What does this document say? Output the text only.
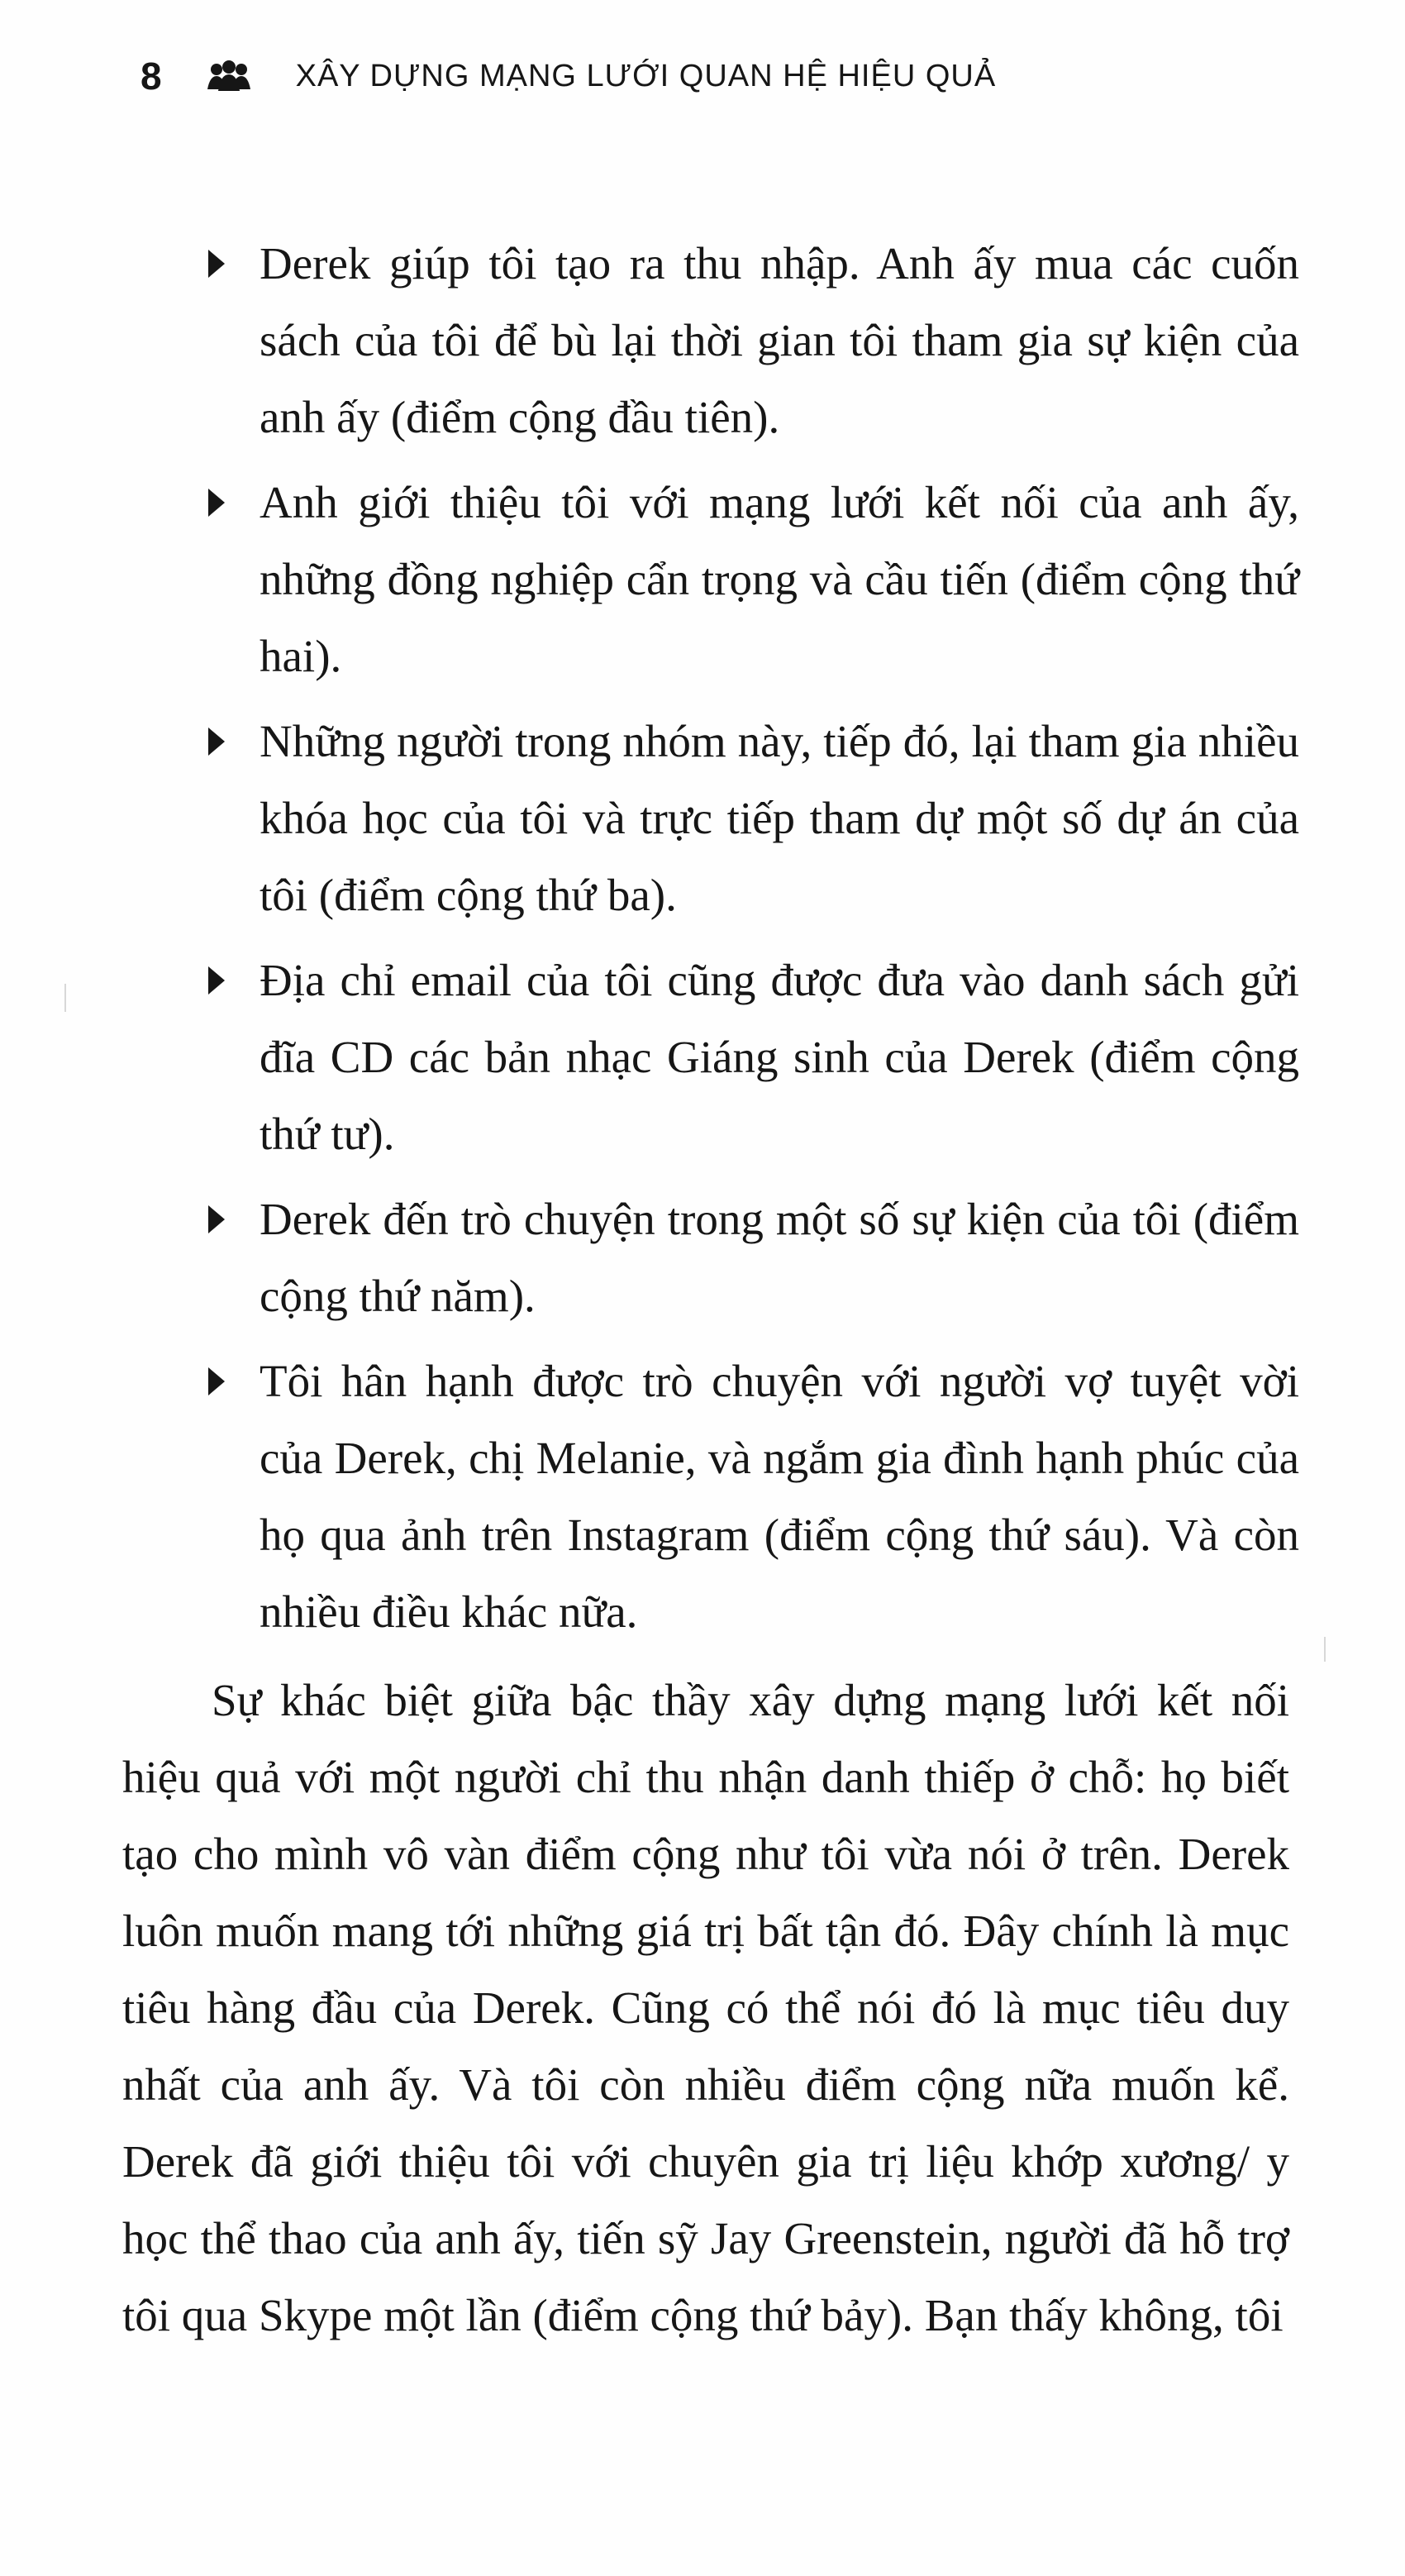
8	XÂY DỰNG MẠNG LƯỚI QUAN HỆ HIỆU QUẢ
Derek giúp tôi tạo ra thu nhập. Anh ấy mua các cuốn sách của tôi để bù lại thời gian tôi tham gia sự kiện của anh ấy (điểm cộng đầu tiên).
Anh giới thiệu tôi với mạng lưới kết nối của anh ấy, những đồng nghiệp cẩn trọng và cầu tiến (điểm cộng thứ hai).
Những người trong nhóm này, tiếp đó, lại tham gia nhiều khóa học của tôi và trực tiếp tham dự một số dự án của tôi (điểm cộng thứ ba).
Địa chỉ email của tôi cũng được đưa vào danh sách gửi đĩa CD các bản nhạc Giáng sinh của Derek (điểm cộng thứ tư).
Derek đến trò chuyện trong một số sự kiện của tôi (điểm cộng thứ năm).
Tôi hân hạnh được trò chuyện với người vợ tuyệt vời của Derek, chị Melanie, và ngắm gia đình hạnh phúc của họ qua ảnh trên Instagram (điểm cộng thứ sáu). Và còn nhiều điều khác nữa.

Sự khác biệt giữa bậc thầy xây dựng mạng lưới kết nối hiệu quả với một người chỉ thu nhận danh thiếp ở chỗ: họ biết tạo cho mình vô vàn điểm cộng như tôi vừa nói ở trên. Derek luôn muốn mang tới những giá trị bất tận đó. Đây chính là mục tiêu hàng đầu của Derek. Cũng có thể nói đó là mục tiêu duy nhất của anh ấy. Và tôi còn nhiều điểm cộng nữa muốn kể. Derek đã giới thiệu tôi với chuyên gia trị liệu khớp xương/ y học thể thao của anh ấy, tiến sỹ Jay Greenstein, người đã hỗ trợ tôi qua Skype một lần (điểm cộng thứ bảy). Bạn thấy không, tôi
